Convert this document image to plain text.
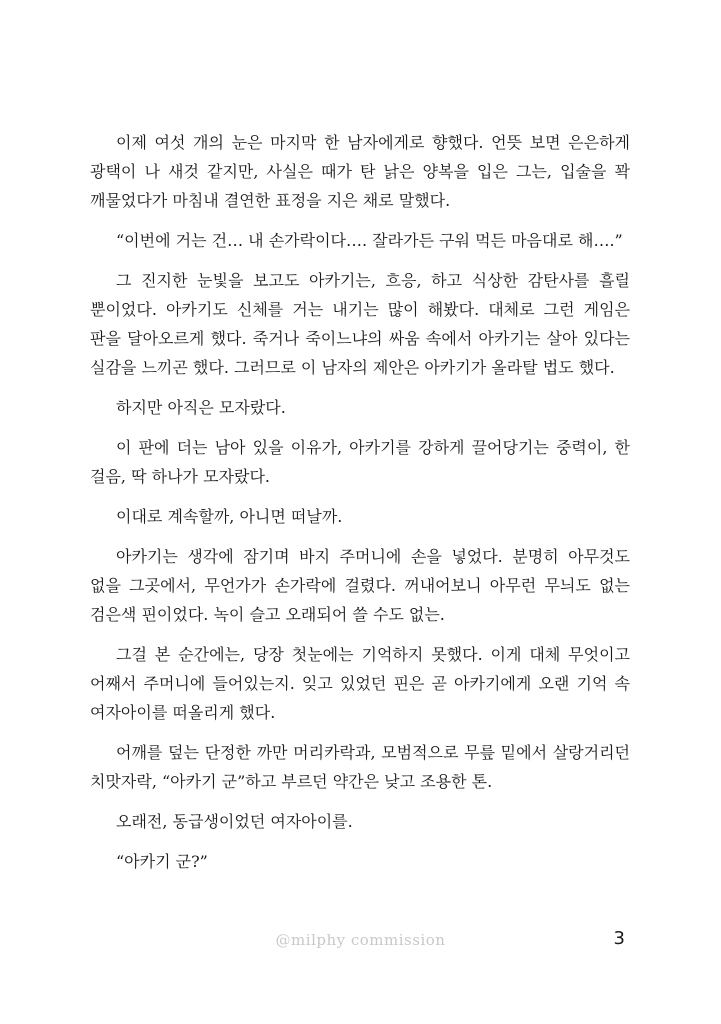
이제 여섯 개의 눈은 마지막 한 남자에게로 향했다. 언뜻 보면 은은하게 광택이 나 새것 같지만, 사실은 때가 탄 낡은 양복을 입은 그는, 입술을 꽉 깨물었다가 마침내 결연한 표정을 지은 채로 말했다.

“이번에 거는 건… 내 손가락이다…. 잘라가든 구워 먹든 마음대로 해….”

그 진지한 눈빛을 보고도 아카기는, 흐응, 하고 식상한 감탄사를 흘릴 뿐이었다. 아카기도 신체를 거는 내기는 많이 해봤다. 대체로 그런 게임은 판을 달아오르게 했다. 죽거나 죽이느냐의 싸움 속에서 아카기는 살아 있다는 실감을 느끼곤 했다. 그러므로 이 남자의 제안은 아카기가 올라탈 법도 했다.

하지만 아직은 모자랐다.

이 판에 더는 남아 있을 이유가, 아카기를 강하게 끌어당기는 중력이, 한 걸음, 딱 하나가 모자랐다.

이대로 계속할까, 아니면 떠날까.

아카기는 생각에 잠기며 바지 주머니에 손을 넣었다. 분명히 아무것도 없을 그곳에서, 무언가가 손가락에 걸렸다. 꺼내어보니 아무런 무늬도 없는 검은색 핀이었다. 녹이 슬고 오래되어 쓸 수도 없는.

그걸 본 순간에는, 당장 첫눈에는 기억하지 못했다. 이게 대체 무엇이고 어째서 주머니에 들어있는지. 잊고 있었던 핀은 곧 아카기에게 오랜 기억 속 여자아이를 떠올리게 했다.

어깨를 덮는 단정한 까만 머리카락과, 모범적으로 무릎 밑에서 살랑거리던 치맛자락, “아카기 군”하고 부르던 약간은 낮고 조용한 톤.

오래전, 동급생이었던 여자아이를.

“아카기 군?”

@milphy commission	3
